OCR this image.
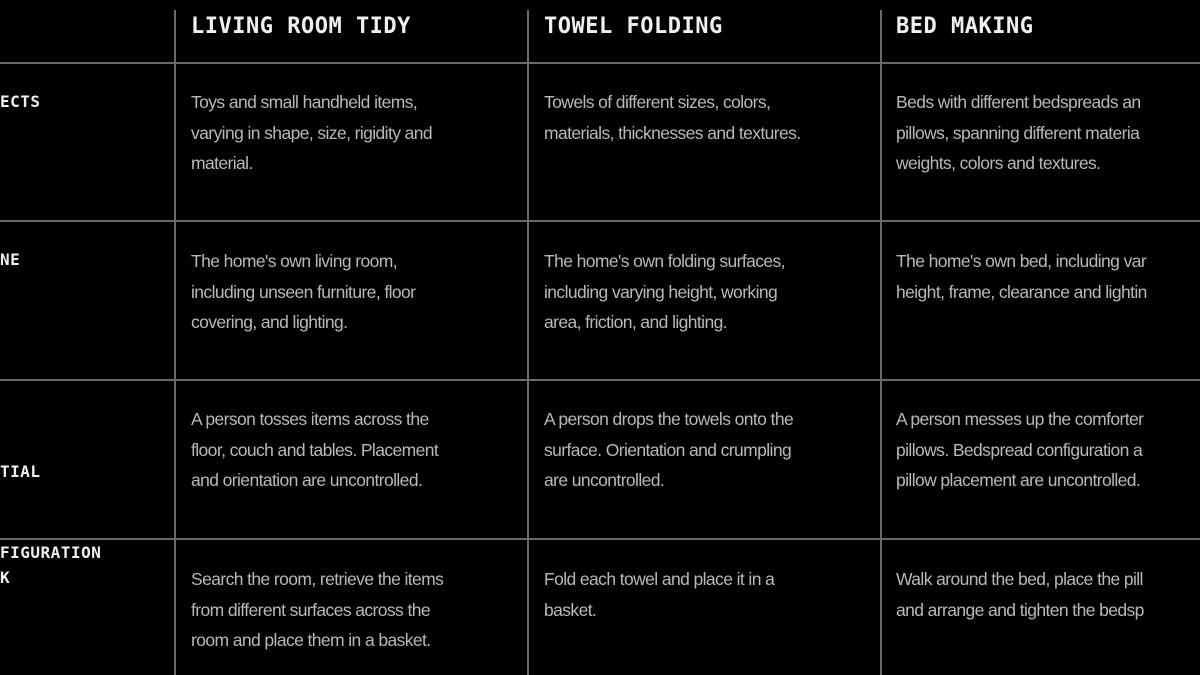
LIVING ROOM TIDY	TOWEL FOLDING	BED MAKING
ECTS
NE

TIAL

FIGURATION

K
Toys and small handheld items,
varying in shape, size, rigidity and
material.
Towels of different sizes, colors,
materials, thicknesses and textures.
Beds with different bedspreads an
pillows, spanning different materia
weights, colors and textures.
The home's own living room,
including unseen furniture, floor
covering, and lighting.
The home's own folding surfaces,
including varying height, working
area, friction, and lighting.
The home's own bed, including var
height, frame, clearance and lightin
A person tosses items across the
floor, couch and tables. Placement
and orientation are uncontrolled.
A person drops the towels onto the
surface. Orientation and crumpling
are uncontrolled.
A person messes up the comforter
pillows. Bedspread configuration a
pillow placement are uncontrolled.
Search the room, retrieve the items
from different surfaces across the
room and place them in a basket.
Fold each towel and place it in a
basket.
Walk around the bed, place the pill
and arrange and tighten the bedsp
